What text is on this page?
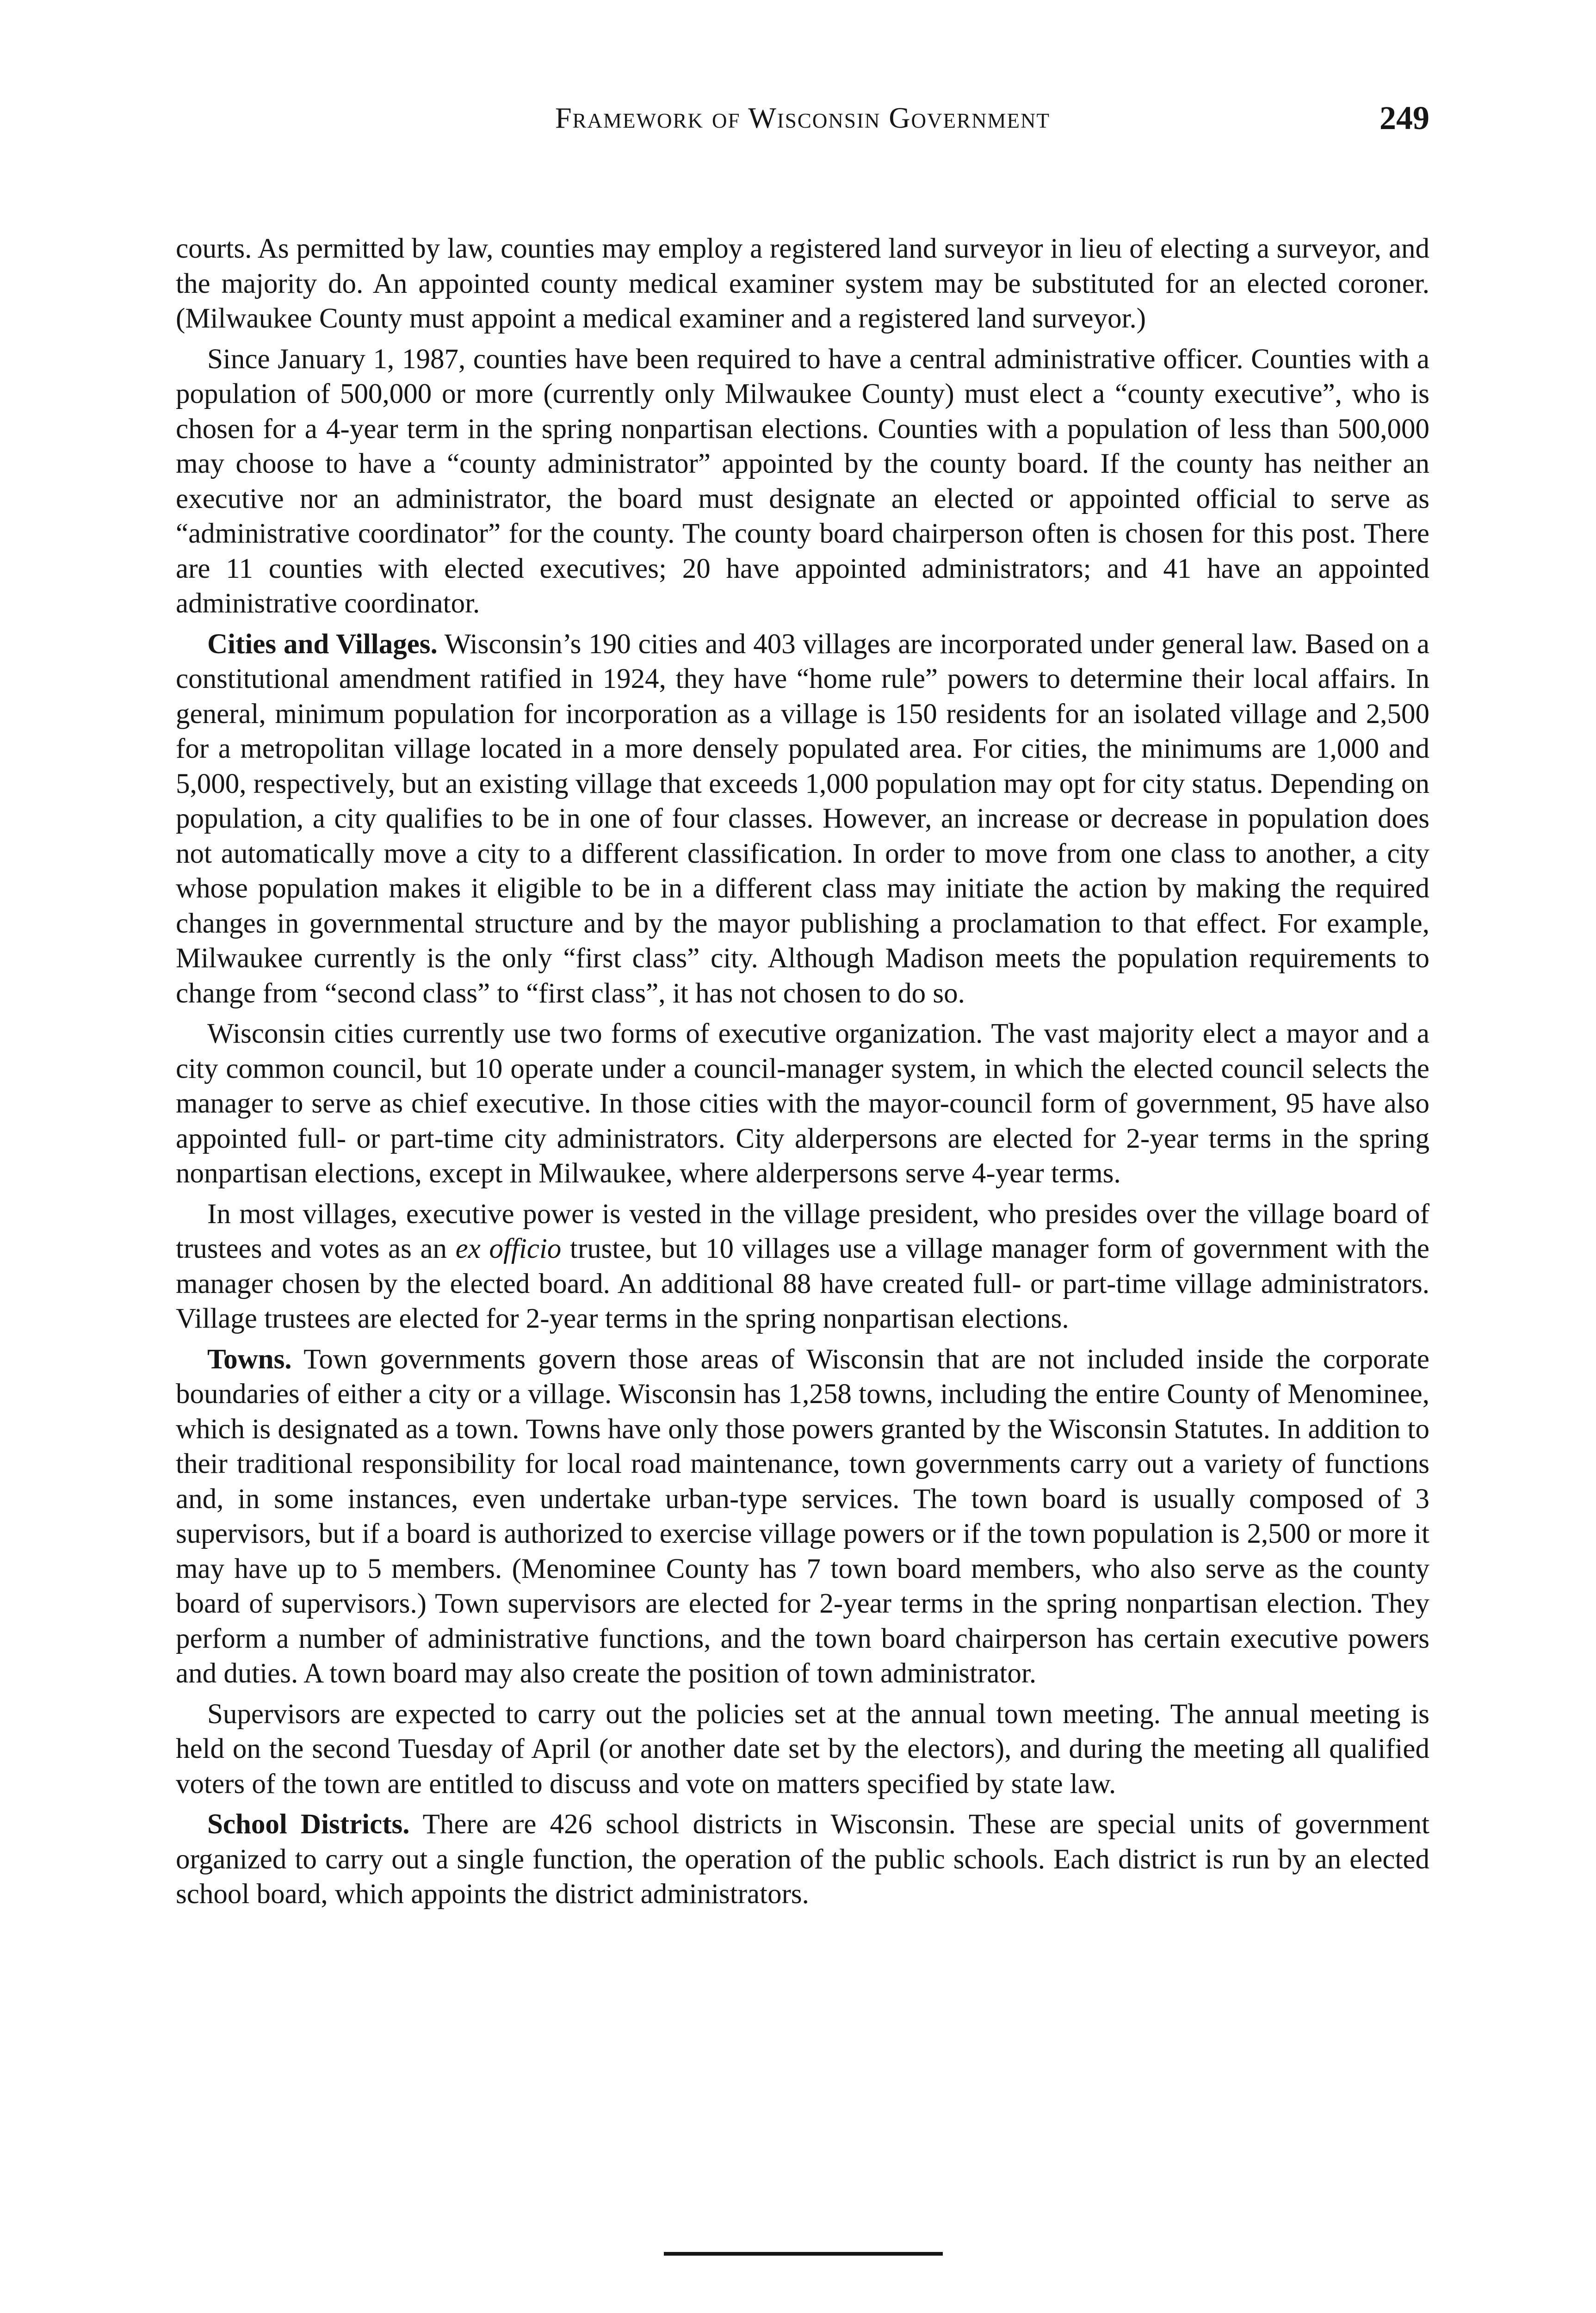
Framework of Wisconsin Government	249

courts. As permitted by law, counties may employ a registered land surveyor in lieu of electing a surveyor, and the majority do. An appointed county medical examiner system may be substituted for an elected coroner. (Milwaukee County must appoint a medical examiner and a registered land surveyor.)

Since January 1, 1987, counties have been required to have a central administrative officer. Counties with a population of 500,000 or more (currently only Milwaukee County) must elect a “county executive”, who is chosen for a 4-year term in the spring nonpartisan elections. Counties with a population of less than 500,000 may choose to have a “county administrator” appointed by the county board. If the county has neither an executive nor an administrator, the board must designate an elected or appointed official to serve as “administrative coordinator” for the county. The county board chairperson often is chosen for this post. There are 11 counties with elected executives; 20 have appointed administrators; and 41 have an appointed administrative coordinator.

Cities and Villages. Wisconsin’s 190 cities and 403 villages are incorporated under general law. Based on a constitutional amendment ratified in 1924, they have “home rule” powers to determine their local affairs. In general, minimum population for incorporation as a village is 150 residents for an isolated village and 2,500 for a metropolitan village located in a more densely populated area. For cities, the minimums are 1,000 and 5,000, respectively, but an existing village that exceeds 1,000 population may opt for city status. Depending on population, a city qualifies to be in one of four classes. However, an increase or decrease in population does not automatically move a city to a different classification. In order to move from one class to another, a city whose population makes it eligible to be in a different class may initiate the action by making the required changes in governmental structure and by the mayor publishing a proclamation to that effect. For example, Milwaukee currently is the only “first class” city. Although Madison meets the population requirements to change from “second class” to “first class”, it has not chosen to do so.

Wisconsin cities currently use two forms of executive organization. The vast majority elect a mayor and a city common council, but 10 operate under a council-manager system, in which the elected council selects the manager to serve as chief executive. In those cities with the mayor-council form of government, 95 have also appointed full- or part-time city administrators. City alderpersons are elected for 2-year terms in the spring nonpartisan elections, except in Milwaukee, where alderpersons serve 4-year terms.

In most villages, executive power is vested in the village president, who presides over the village board of trustees and votes as an ex officio trustee, but 10 villages use a village manager form of government with the manager chosen by the elected board. An additional 88 have created full- or part-time village administrators. Village trustees are elected for 2-year terms in the spring nonpartisan elections.

Towns. Town governments govern those areas of Wisconsin that are not included inside the corporate boundaries of either a city or a village. Wisconsin has 1,258 towns, including the entire County of Menominee, which is designated as a town. Towns have only those powers granted by the Wisconsin Statutes. In addition to their traditional responsibility for local road maintenance, town governments carry out a variety of functions and, in some instances, even undertake urban-type services. The town board is usually composed of 3 supervisors, but if a board is authorized to exercise village powers or if the town population is 2,500 or more it may have up to 5 members. (Menominee County has 7 town board members, who also serve as the county board of supervisors.) Town supervisors are elected for 2-year terms in the spring nonpartisan election. They perform a number of administrative functions, and the town board chairperson has certain executive powers and duties. A town board may also create the position of town administrator.

Supervisors are expected to carry out the policies set at the annual town meeting. The annual meeting is held on the second Tuesday of April (or another date set by the electors), and during the meeting all qualified voters of the town are entitled to discuss and vote on matters specified by state law.

School Districts. There are 426 school districts in Wisconsin. These are special units of government organized to carry out a single function, the operation of the public schools. Each district is run by an elected school board, which appoints the district administrators.
